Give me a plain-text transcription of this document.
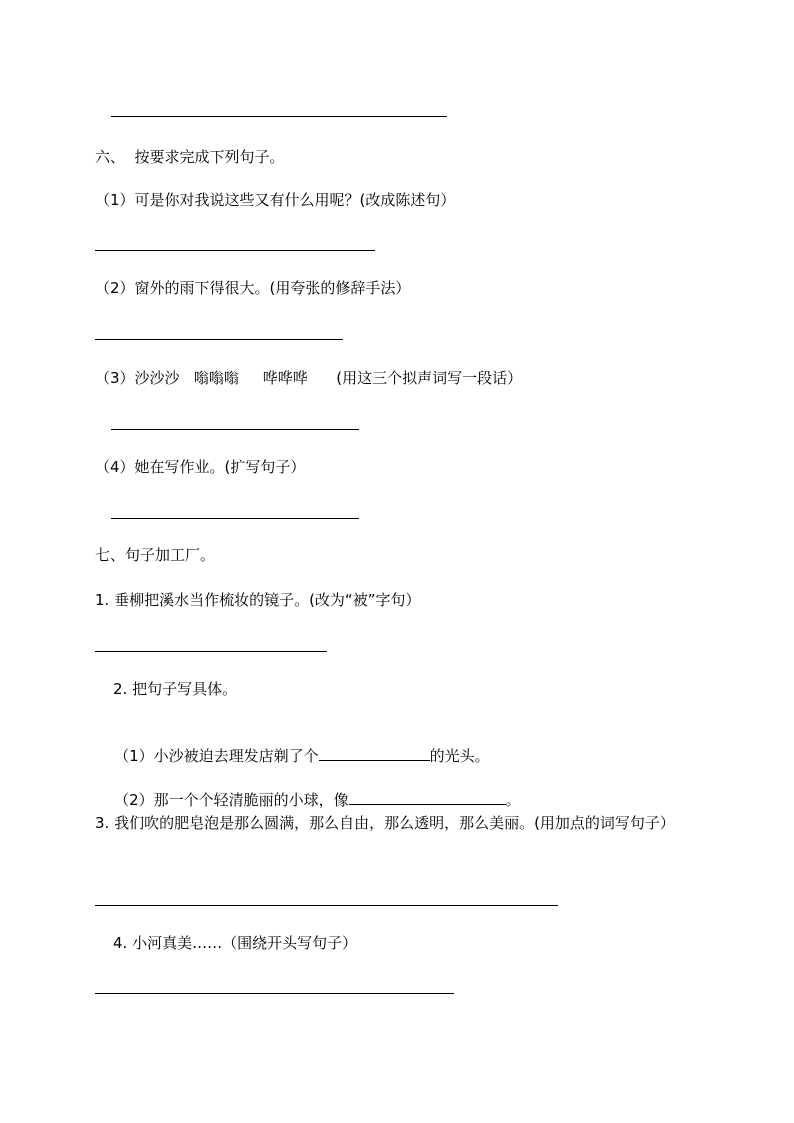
六、  按要求完成下列句子。
（1）可是你对我说这些又有什么用呢？(改成陈述句）
（2）窗外的雨下得很大。(用夸张的修辞手法）
（3）沙沙沙   嗡嗡嗡     哗哗哗      (用这三个拟声词写一段话）
（4）她在写作业。(扩写句子）
七、句子加工厂。
1. 垂柳把溪水当作梳妆的镜子。(改为“被”字句）
2. 把句子写具体。

（1）小沙被迫去理发店剃了个	的光头。

（2）那一个个轻清脆丽的小球，像	。

3. 我们吹的肥皂泡是那么圆满，那么自由，那么透明，那么美丽。(用加点的词写句子）
4. 小河真美……（围绕开头写句子）
